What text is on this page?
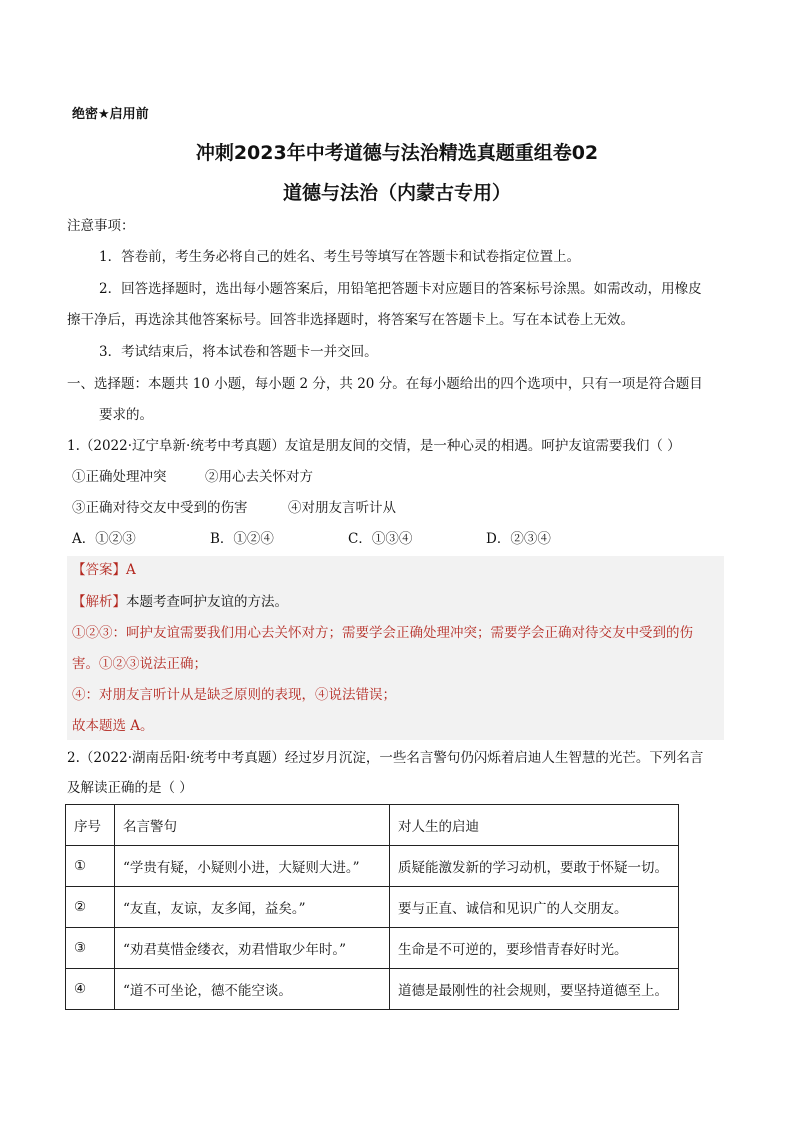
绝密★启用前
冲刺2023年中考道德与法治精选真题重组卷02
道德与法治（内蒙古专用）
注意事项：
1．答卷前，考生务必将自己的姓名、考生号等填写在答题卡和试卷指定位置上。
2．回答选择题时，选出每小题答案后，用铅笔把答题卡对应题目的答案标号涂黑。如需改动，用橡皮
擦干净后，再选涂其他答案标号。回答非选择题时，将答案写在答题卡上。写在本试卷上无效。
3．考试结束后，将本试卷和答题卡一并交回。
一、选择题：本题共 10 小题，每小题 2 分，共 20 分。在每小题给出的四个选项中，只有一项是符合题目
要求的。
1.（2022·辽宁阜新·统考中考真题）友谊是朋友间的交情，是一种心灵的相遇。呵护友谊需要我们（ ）
①正确处理冲突	②用心去关怀对方
③正确对待交友中受到的伤害	④对朋友言听计从
A．①②③	B．①②④	C．①③④	D．②③④
【答案】A
【解析】本题考查呵护友谊的方法。
①②③：呵护友谊需要我们用心去关怀对方；需要学会正确处理冲突；需要学会正确对待交友中受到的伤
害。①②③说法正确；
④：对朋友言听计从是缺乏原则的表现，④说法错误；
故本题选 A。
2.（2022·湖南岳阳·统考中考真题）经过岁月沉淀，一些名言警句仍闪烁着启迪人生智慧的光芒。下列名言
及解读正确的是（ ）
序号	名言警句	对人生的启迪
①	“学贵有疑，小疑则小进，大疑则大进。”	质疑能激发新的学习动机，要敢于怀疑一切。
②	“友直，友谅，友多闻，益矣。”	要与正直、诚信和见识广的人交朋友。
③	“劝君莫惜金缕衣，劝君惜取少年时。”	生命是不可逆的，要珍惜青春好时光。
④	“道不可坐论，德不能空谈。	道德是最刚性的社会规则，要坚持道德至上。
